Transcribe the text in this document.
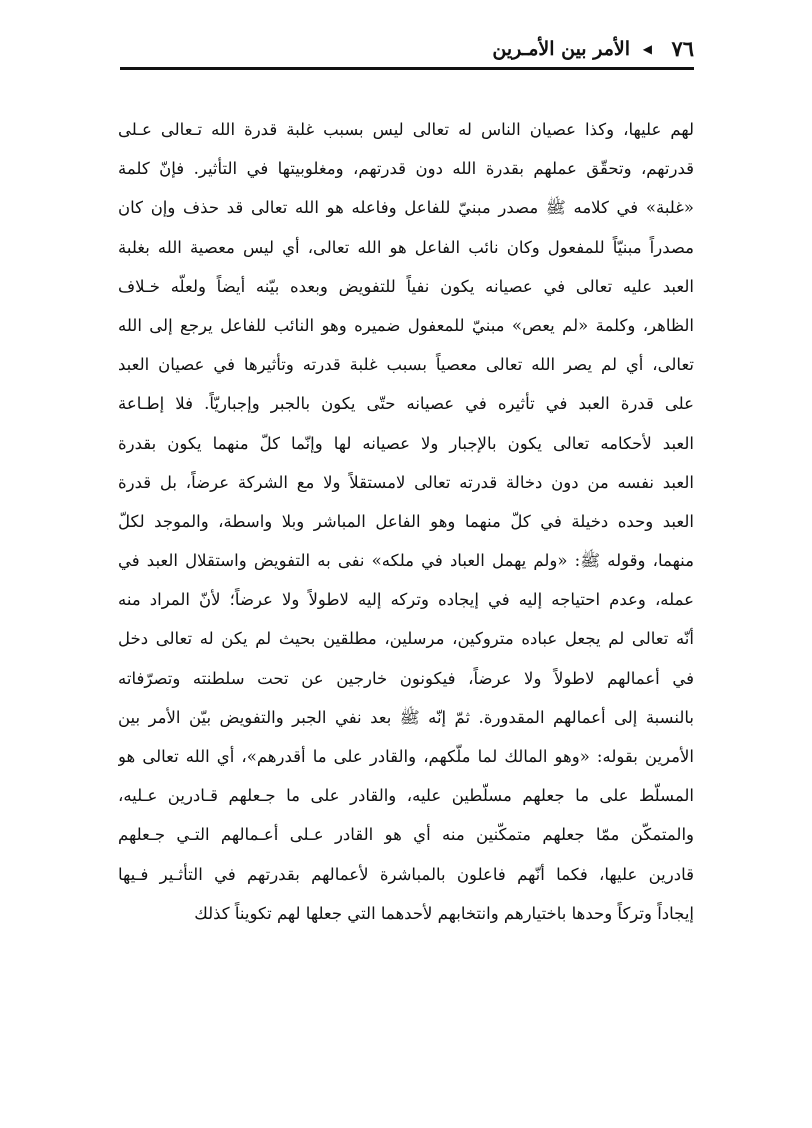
٧٦
◀
الأمر بين الأمـرين
لهم عليها، وكذا عصيان الناس له تعالى ليس بسبب غلبة قدرة الله تـعالى عـلى
قدرتهم، وتحقّق عملهم بقدرة الله دون قدرتهم، ومغلوبيتها في التأثير. فإنّ كلمة
«غلبة» في كلامه ﷺ مصدر مبنيّ للفاعل وفاعله هو الله تعالى قد حذف وإن كان
مصدراً مبنيّاً للمفعول وكان نائب الفاعل هو الله تعالى، أي ليس معصية الله بغلبة
العبد عليه تعالى في عصيانه يكون نفياً للتفويض وبعده بيّنه أيضاً ولعلّه خـلاف
الظاهر، وكلمة «لم يعص» مبنيّ للمعفول ضميره وهو النائب للفاعل يرجع إلى الله
تعالى، أي لم يصر الله تعالى معصياً بسبب غلبة قدرته وتأثيرها في عصيان العبد
على قدرة العبد في تأثيره في عصيانه حتّى يكون بالجبر وإجباريّاً. فلا إطـاعة
العبد لأحكامه تعالى يكون بالإجبار ولا عصيانه لها وإنّما كلّ منهما يكون بقدرة
العبد نفسه من دون دخالة قدرته تعالى لامستقلاً ولا مع الشركة عرضاً، بل قدرة
العبد وحده دخيلة في كلّ منهما وهو الفاعل المباشر وبلا واسطة، والموجد لكلّ
منهما، وقوله ﷺ: «ولم يهمل العباد في ملكه» نفى به التفويض واستقلال العبد في
عمله، وعدم احتياجه إليه في إيجاده وتركه إليه لاطولاً ولا عرضاً؛ لأنّ المراد منه
أنّه تعالى لم يجعل عباده متروكين، مرسلين، مطلقين بحيث لم يكن له تعالى دخل
في أعمالهم لاطولاً ولا عرضاً، فيكونون خارجين عن تحت سلطنته وتصرّفاته
بالنسبة إلى أعمالهم المقدورة. ثمّ إنّه ﷺ بعد نفي الجبر والتفويض بيّن الأمر بين
الأمرين بقوله: «وهو المالك لما ملّكهم، والقادر على ما أقدرهم»، أي الله تعالى هو
المسلّط على ما جعلهم مسلّطين عليه، والقادر على ما جـعلهم قـادرين عـليه،
والمتمكّن ممّا جعلهم متمكّنين منه أي هو القادر عـلى أعـمالهم التـي جـعلهم
قادرين عليها، فكما أنّهم فاعلون بالمباشرة لأعمالهم بقدرتهم في التأثـير فـيها
إيجاداً وتركاً وحدها باختيارهم وانتخابهم لأحدهما التي جعلها لهم تكويناً كذلك
